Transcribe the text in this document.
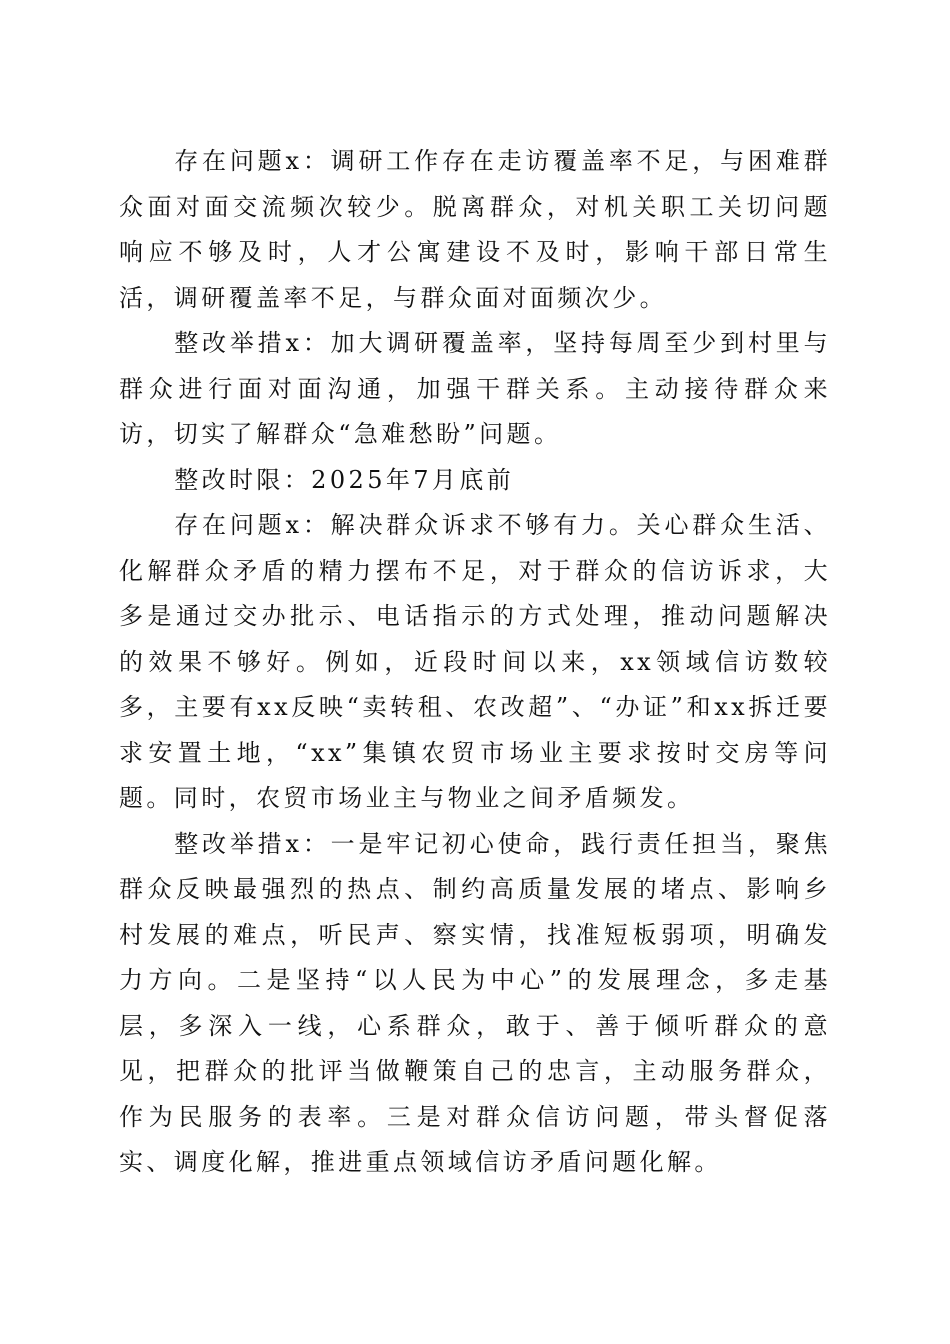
存在问题x：调研工作存在走访覆盖率不足，与困难群众面对面交流频次较少。脱离群众，对机关职工关切问题响应不够及时，人才公寓建设不及时，影响干部日常生活，调研覆盖率不足，与群众面对面频次少。

整改举措x：加大调研覆盖率，坚持每周至少到村里与群众进行面对面沟通，加强干群关系。主动接待群众来访，切实了解群众“急难愁盼”问题。

整改时限：2025年7月底前

存在问题x：解决群众诉求不够有力。关心群众生活、化解群众矛盾的精力摆布不足，对于群众的信访诉求，大多是通过交办批示、电话指示的方式处理，推动问题解决的效果不够好。例如，近段时间以来，xx领域信访数较多，主要有xx反映“卖转租、农改超”、“办证”和xx拆迁要求安置土地，“xx”集镇农贸市场业主要求按时交房等问题。同时，农贸市场业主与物业之间矛盾频发。

整改举措x：一是牢记初心使命，践行责任担当，聚焦群众反映最强烈的热点、制约高质量发展的堵点、影响乡村发展的难点，听民声、察实情，找准短板弱项，明确发力方向。二是坚持“以人民为中心”的发展理念，多走基层，多深入一线，心系群众，敢于、善于倾听群众的意见，把群众的批评当做鞭策自己的忠言，主动服务群众，作为民服务的表率。三是对群众信访问题，带头督促落实、调度化解，推进重点领域信访矛盾问题化解。
